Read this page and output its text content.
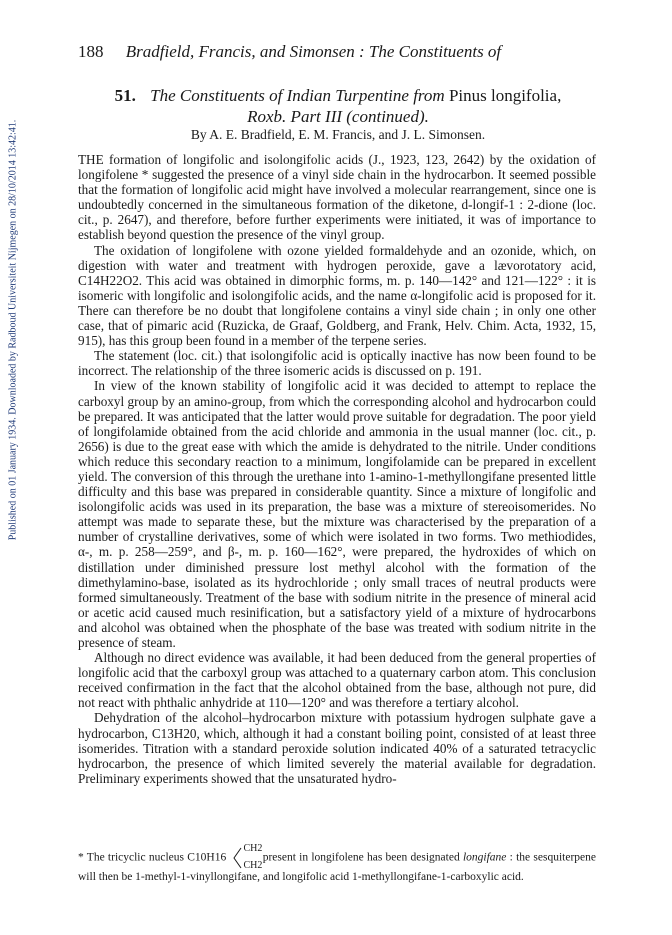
Published on 01 January 1934. Downloaded by Radboud Universiteit Nijmegen on 28/10/2014 13:42:41.
188 Bradfield, Francis, and Simonsen : The Constituents of
51. The Constituents of Indian Turpentine from Pinus longifolia,
Roxb. Part III (continued).
By A. E. Bradfield, E. M. Francis, and J. L. Simonsen.

THE formation of longifolic and isolongifolic acids (J., 1923, 123, 2642) by the oxidation of longifolene * suggested the presence of a vinyl side chain in the hydrocarbon. It seemed possible that the formation of longifolic acid might have involved a molecular rearrangement, since one is undoubtedly concerned in the simultaneous formation of the diketone, d-longif-1 : 2-dione (loc. cit., p. 2647), and therefore, before further experiments were initiated, it was of importance to establish beyond question the presence of the vinyl group.

The oxidation of longifolene with ozone yielded formaldehyde and an ozonide, which, on digestion with water and treatment with hydrogen peroxide, gave a lævorotatory acid, C14H22O2. This acid was obtained in dimorphic forms, m. p. 140—142° and 121—122° : it is isomeric with longifolic and isolongifolic acids, and the name α-longifolic acid is proposed for it. There can therefore be no doubt that longifolene contains a vinyl side chain ; in only one other case, that of pimaric acid (Ruzicka, de Graaf, Goldberg, and Frank, Helv. Chim. Acta, 1932, 15, 915), has this group been found in a member of the terpene series.

The statement (loc. cit.) that isolongifolic acid is optically inactive has now been found to be incorrect. The relationship of the three isomeric acids is discussed on p. 191.

In view of the known stability of longifolic acid it was decided to attempt to replace the carboxyl group by an amino-group, from which the corresponding alcohol and hydrocarbon could be prepared. It was anticipated that the latter would prove suitable for degradation. The poor yield of longifolamide obtained from the acid chloride and ammonia in the usual manner (loc. cit., p. 2656) is due to the great ease with which the amide is dehydrated to the nitrile. Under conditions which reduce this secondary reaction to a minimum, longifolamide can be prepared in excellent yield. The conversion of this through the urethane into 1-amino-1-methyllongifane presented little difficulty and this base was prepared in considerable quantity. Since a mixture of longifolic and isolongifolic acids was used in its preparation, the base was a mixture of stereoisomerides. No attempt was made to separate these, but the mixture was characterised by the preparation of a number of crystalline derivatives, some of which were isolated in two forms. Two methiodides, α-, m. p. 258—259°, and β-, m. p. 160—162°, were prepared, the hydroxides of which on distillation under diminished pressure lost methyl alcohol with the formation of the dimethylamino-base, isolated as its hydrochloride ; only small traces of neutral products were formed simultaneously. Treatment of the base with sodium nitrite in the presence of mineral acid or acetic acid caused much resinification, but a satisfactory yield of a mixture of hydrocarbons and alcohol was obtained when the phosphate of the base was treated with sodium nitrite in the presence of steam.

Although no direct evidence was available, it had been deduced from the general properties of longifolic acid that the carboxyl group was attached to a quaternary carbon atom. This conclusion received confirmation in the fact that the alcohol obtained from the base, although not pure, did not react with phthalic anhydride at 110—120° and was therefore a tertiary alcohol.

Dehydration of the alcohol–hydrocarbon mixture with potassium hydrogen sulphate gave a hydrocarbon, C13H20, which, although it had a constant boiling point, consisted of at least three isomerides. Titration with a standard peroxide solution indicated 40% of a saturated tetracyclic hydrocarbon, the presence of which limited severely the material available for degradation. Preliminary experiments showed that the unsaturated hydro-

* The tricyclic nucleus C10H16
CH2
CH2
present in longifolene has been designated longifane : the sesquiterpene will then be 1-methyl-1-vinyllongifane, and longifolic acid 1-methyllongifane-1-carboxylic acid.
